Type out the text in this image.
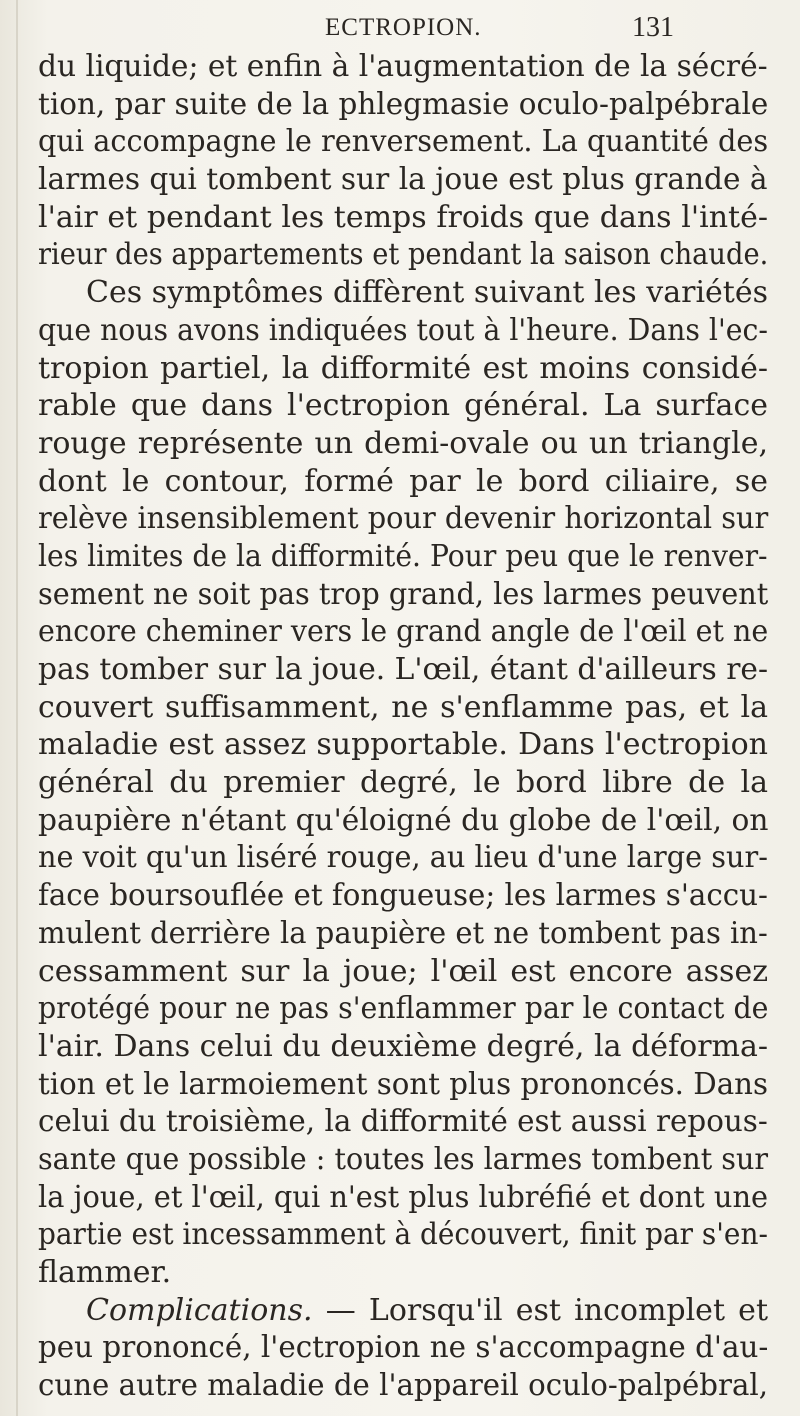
ECTROPION.	131
du liquide; et enfin à l'augmentation de la sécré-
tion, par suite de la phlegmasie oculo-palpébrale
qui accompagne le renversement. La quantité des
larmes qui tombent sur la joue est plus grande à
l'air et pendant les temps froids que dans l'inté-
rieur des appartements et pendant la saison chaude.
Ces symptômes diffèrent suivant les variétés
que nous avons indiquées tout à l'heure. Dans l'ec-
tropion partiel, la difformité est moins considé-
rable que dans l'ectropion général. La surface
rouge représente un demi-ovale ou un triangle,
dont le contour, formé par le bord ciliaire, se
relève insensiblement pour devenir horizontal sur
les limites de la difformité. Pour peu que le renver-
sement ne soit pas trop grand, les larmes peuvent
encore cheminer vers le grand angle de l'œil et ne
pas tomber sur la joue. L'œil, étant d'ailleurs re-
couvert suffisamment, ne s'enflamme pas, et la
maladie est assez supportable. Dans l'ectropion
général du premier degré, le bord libre de la
paupière n'étant qu'éloigné du globe de l'œil, on
ne voit qu'un liséré rouge, au lieu d'une large sur-
face boursouflée et fongueuse; les larmes s'accu-
mulent derrière la paupière et ne tombent pas in-
cessamment sur la joue; l'œil est encore assez
protégé pour ne pas s'enflammer par le contact de
l'air. Dans celui du deuxième degré, la déforma-
tion et le larmoiement sont plus prononcés. Dans
celui du troisième, la difformité est aussi repous-
sante que possible : toutes les larmes tombent sur
la joue, et l'œil, qui n'est plus lubréfié et dont une
partie est incessamment à découvert, finit par s'en-
flammer.
Complications. — Lorsqu'il est incomplet et
peu prononcé, l'ectropion ne s'accompagne d'au-
cune autre maladie de l'appareil oculo-palpébral,
